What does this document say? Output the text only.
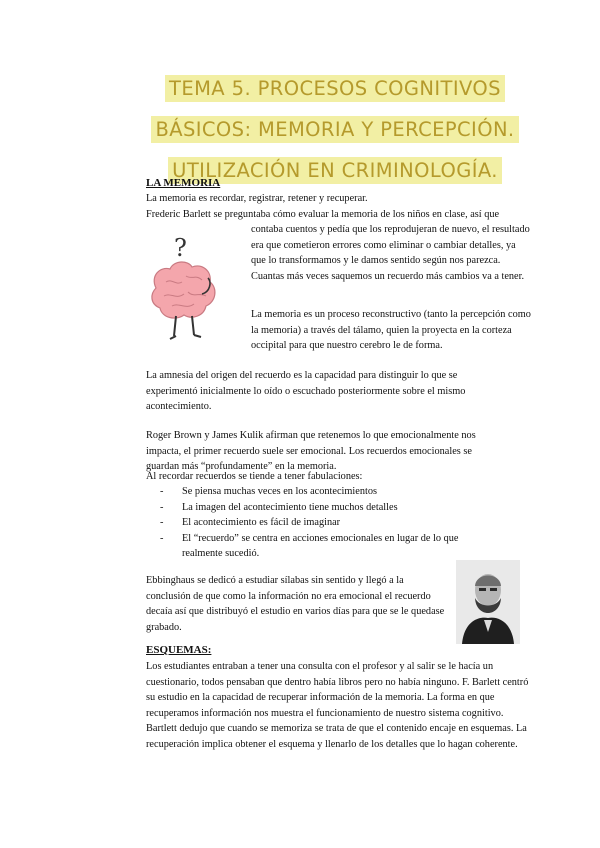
TEMA 5. PROCESOS COGNITIVOS BÁSICOS: MEMORIA Y PERCEPCIÓN. UTILIZACIÓN EN CRIMINOLOGÍA.

LA MEMORIA

La memoria es recordar, registrar, retener y recuperar.

Frederic Barlett se preguntaba cómo evaluar la memoria de los niños en clase, así que

contaba cuentos y pedía que los reprodujeran de nuevo, el resultado era que cometieron errores como eliminar o cambiar detalles, ya que lo transformamos y le damos sentido según nos parezca. Cuantas más veces saquemos un recuerdo más cambios va a tener.

La memoria es un proceso reconstructivo (tanto la percepción como la memoria) a través del tálamo, quien la proyecta en la corteza occipital para que nuestro cerebro le de forma.

?

La amnesia del origen del recuerdo es la capacidad para distinguir lo que se experimentó inicialmente lo oído o escuchado posteriormente sobre el mismo acontecimiento.

Roger Brown y James Kulik afirman que retenemos lo que emocionalmente nos impacta, el primer recuerdo suele ser emocional. Los recuerdos emocionales se guardan más “profundamente” en la memoria.

Al recordar recuerdos se tiende a tener fabulaciones:

- Se piensa muchas veces en los acontecimientos
- La imagen del acontecimiento tiene muchos detalles
- El acontecimiento es fácil de imaginar
- El “recuerdo” se centra en acciones emocionales en lugar de lo que realmente sucedió.

Ebbinghaus se dedicó a estudiar sílabas sin sentido y llegó a la conclusión de que como la información no era emocional el recuerdo decaía así que distribuyó el estudio en varios días para que se le quedase grabado.

ESQUEMAS:

Los estudiantes entraban a tener una consulta con el profesor y al salir se le hacía un cuestionario, todos pensaban que dentro había libros pero no había ninguno. F. Barlett centró su estudio en la capacidad de recuperar información de la memoria. La forma en que recuperamos información nos muestra el funcionamiento de nuestro sistema cognitivo. Bartlett dedujo que cuando se memoriza se trata de que el contenido encaje en esquemas. La recuperación implica obtener el esquema y llenarlo de los detalles que lo hagan coherente.
